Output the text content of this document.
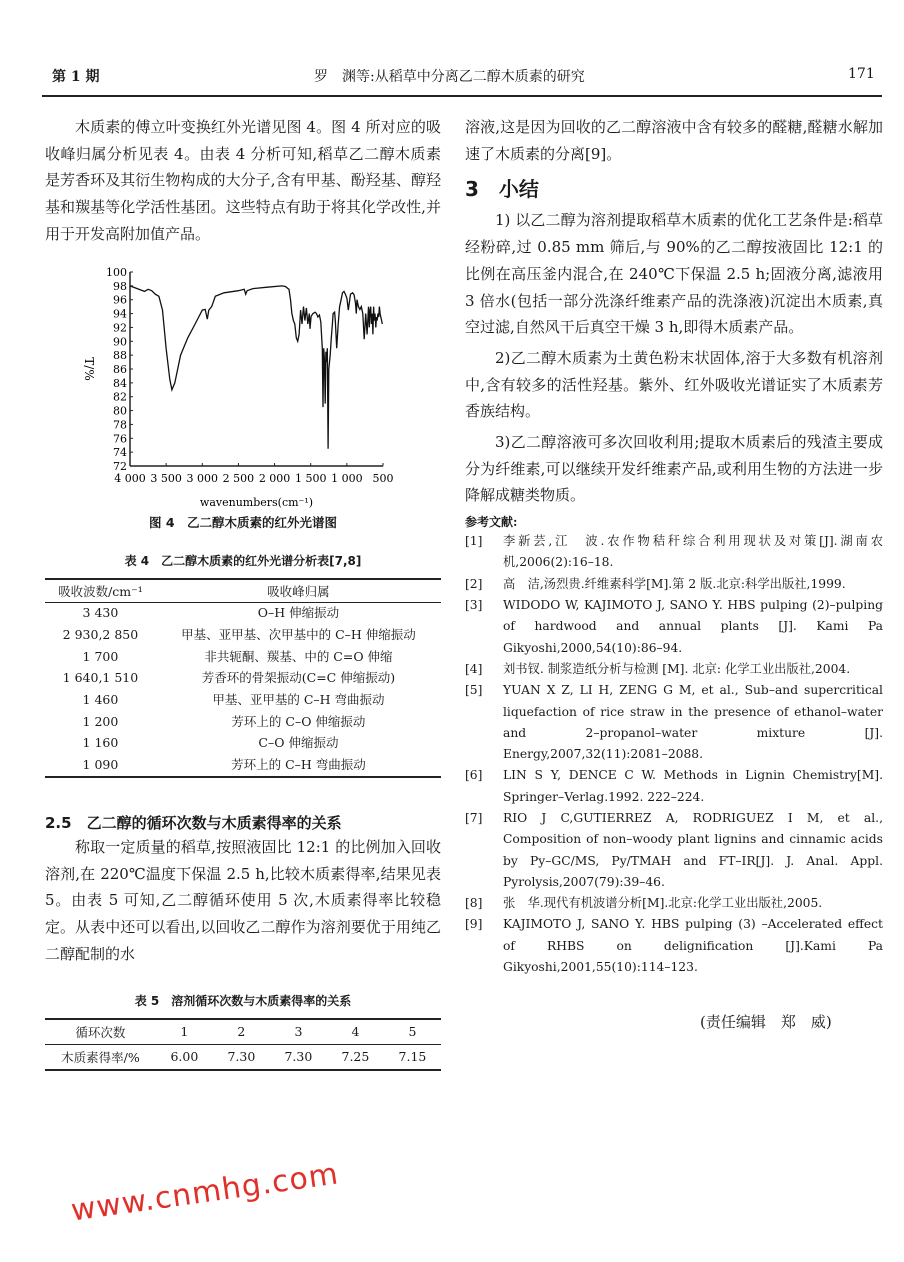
第 1 期	罗　渊等:从稻草中分离乙二醇木质素的研究	171

木质素的傅立叶变换红外光谱见图 4。图 4 所对应的吸收峰归属分析见表 4。由表 4 分析可知,稻草乙二醇木质素是芳香环及其衍生物构成的大分子,含有甲基、酚羟基、醇羟基和羰基等化学活性基团。这些特点有助于将其化学改性,并用于开发高附加值产品。

72
74
76
78
80
82
84
86
88
90
92
94
96
98
100
4 000 3 500 3 000 2 500 2 000 1 500 1 000 500
T/%
wavenumbers(cm⁻¹)
图 4　乙二醇木质素的红外光谱图
表 4　乙二醇木质素的红外光谱分析表[7,8]
吸收波数/cm⁻¹	吸收峰归属
3 430	O–H 伸缩振动
2 930,2 850	甲基、亚甲基、次甲基中的 C–H 伸缩振动
1 700	非共轭酮、羰基、中的 C=O 伸缩
1 640,1 510	芳香环的骨架振动(C=C 伸缩振动)
1 460	甲基、亚甲基的 C–H 弯曲振动
1 200	芳环上的 C–O 伸缩振动
1 160	C–O 伸缩振动
1 090	芳环上的 C–H 弯曲振动
2.5　乙二醇的循环次数与木质素得率的关系

称取一定质量的稻草,按照液固比 12:1 的比例加入回收溶剂,在 220℃温度下保温 2.5 h,比较木质素得率,结果见表 5。由表 5 可知,乙二醇循环使用 5 次,木质素得率比较稳定。从表中还可以看出,以回收乙二醇作为溶剂要优于用纯乙二醇配制的水

表 5　溶剂循环次数与木质素得率的关系
循环次数	1	2	3	4	5
木质素得率/%	6.00	7.30	7.30	7.25	7.15

溶液,这是因为回收的乙二醇溶液中含有较多的醛糖,醛糖水解加速了木质素的分离[9]。

3　小结

1) 以乙二醇为溶剂提取稻草木质素的优化工艺条件是:稻草经粉碎,过 0.85 mm 筛后,与 90%的乙二醇按液固比 12:1 的比例在高压釜内混合,在 240℃下保温 2.5 h;固液分离,滤液用 3 倍水(包括一部分洗涤纤维素产品的洗涤液)沉淀出木质素,真空过滤,自然风干后真空干燥 3 h,即得木质素产品。

2)乙二醇木质素为土黄色粉末状固体,溶于大多数有机溶剂中,含有较多的活性羟基。紫外、红外吸收光谱证实了木质素芳香族结构。

3)乙二醇溶液可多次回收利用;提取木质素后的残渣主要成分为纤维素,可以继续开发纤维素产品,或利用生物的方法进一步降解成糖类物质。

参考文献:
[1]	李新芸,江　波.农作物秸秆综合利用现状及对策[J].湖南农机,2006(2):16–18.
[2]	高　洁,汤烈贵.纤维素科学[M].第 2 版.北京:科学出版社,1999.
[3]	WIDODO W, KAJIMOTO J, SANO Y. HBS pulping (2)–pulping of hardwood and annual plants [J]. Kami Pa Gikyoshi,2000,54(10):86–94.
[4]	刘书钗. 制浆造纸分析与检测 [M]. 北京: 化学工业出版社,2004.
[5]	YUAN X Z, LI H, ZENG G M, et al., Sub–and supercritical liquefaction of rice straw in the presence of ethanol–water and 2–propanol–water mixture [J]. Energy,2007,32(11):2081–2088.
[6]	LIN S Y, DENCE C W. Methods in Lignin Chemistry[M]. Springer–Verlag.1992. 222–224.
[7]	RIO J C,GUTIERREZ A, RODRIGUEZ I M, et al., Composition of non–woody plant lignins and cinnamic acids by Py–GC/MS, Py/TMAH and FT–IR[J]. J. Anal. Appl. Pyrolysis,2007(79):39–46.
[8]	张　华.现代有机波谱分析[M].北京:化学工业出版社,2005.
[9]	KAJIMOTO J, SANO Y. HBS pulping (3) –Accelerated effect of RHBS on delignification [J].Kami Pa Gikyoshi,2001,55(10):114–123.
(责任编辑　郑　威)
www.cnmhg.com
